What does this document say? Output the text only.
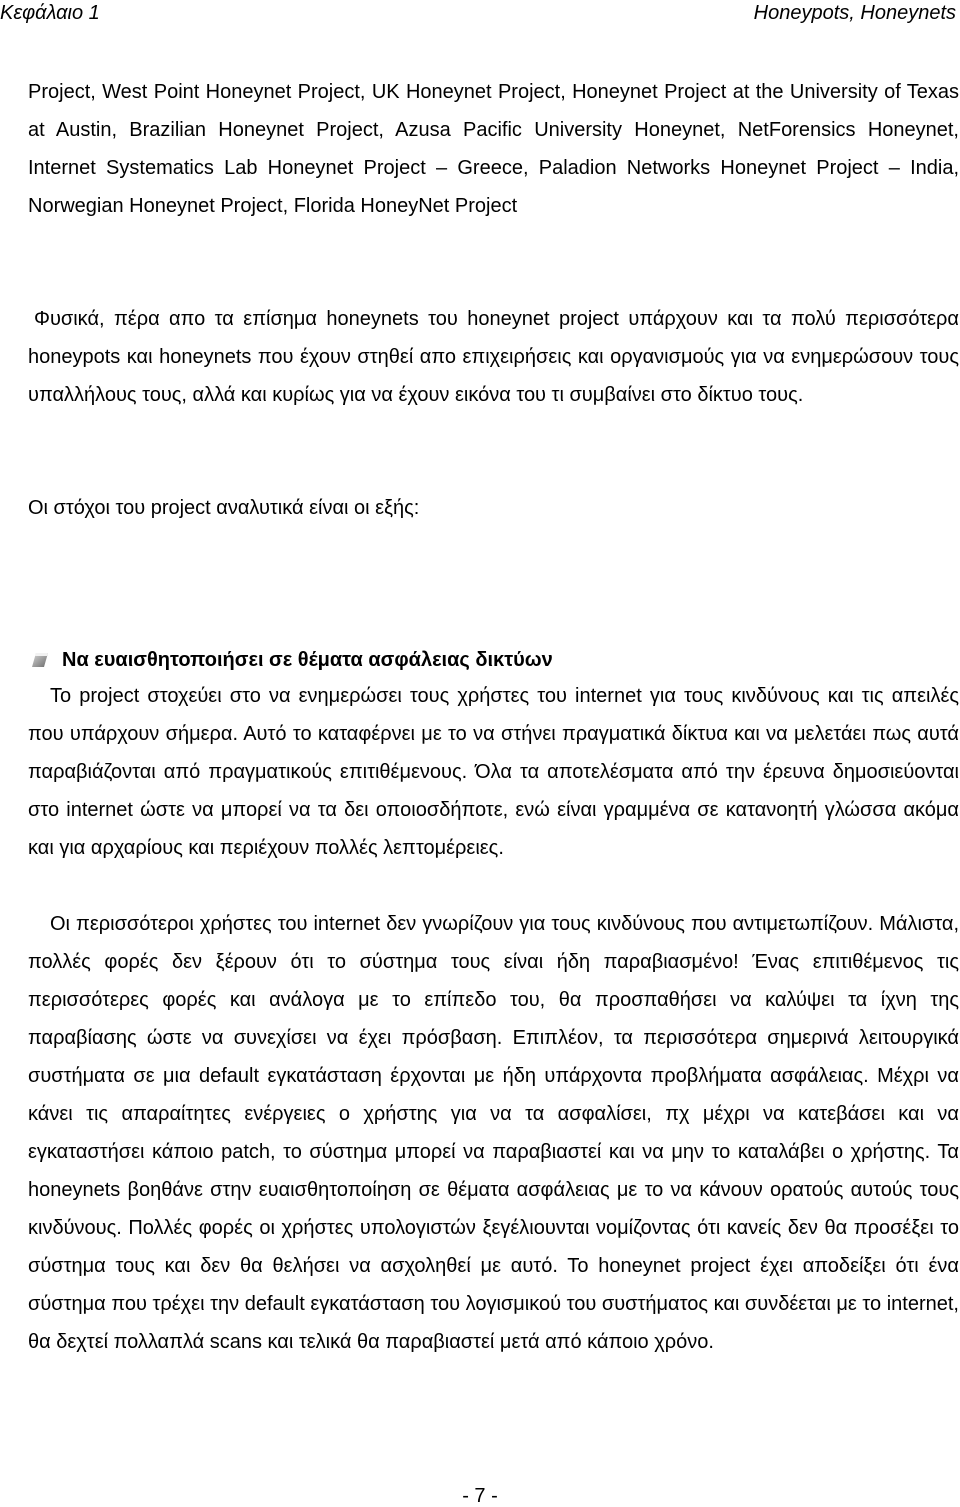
Κεφάλαιο 1	Honeypots, Honeynets

Project, West Point Honeynet Project, UK Honeynet Project, Honeynet Project at the University of Texas at Austin, Brazilian Honeynet Project, Azusa Pacific University Honeynet, NetForensics Honeynet, Internet Systematics Lab Honeynet Project – Greece, Paladion Networks Honeynet Project – India, Norwegian Honeynet Project, Florida HoneyNet Project

Φυσικά, πέρα απο τα επίσημα honeynets του honeynet project υπάρχουν και τα πολύ περισσότερα honeypots και honeynets που έχουν στηθεί απο επιχειρήσεις και οργανισμούς για να ενημερώσουν τους υπαλλήλους τους, αλλά και κυρίως για να έχουν εικόνα του τι συμβαίνει στο δίκτυο τους.

Οι στόχοι του project αναλυτικά είναι οι εξής:

Να ευαισθητοποιήσει σε θέματα ασφάλειας δικτύων

Το project στοχεύει στο να ενημερώσει τους χρήστες του internet για τους κινδύνους και τις απειλές που υπάρχουν σήμερα. Αυτό το καταφέρνει με το να στήνει πραγματικά δίκτυα και να μελετάει πως αυτά παραβιάζονται από πραγματικούς επιτιθέμενους. Όλα τα αποτελέσματα από την έρευνα δημοσιεύονται στο internet ώστε να μπορεί να τα δει οποιοσδήποτε, ενώ είναι γραμμένα σε κατανοητή γλώσσα ακόμα και για αρχαρίους και περιέχουν πολλές λεπτομέρειες.

Οι περισσότεροι χρήστες του internet δεν γνωρίζουν για τους κινδύνους που αντιμετωπίζουν. Μάλιστα, πολλές φορές δεν ξέρουν ότι το σύστημα τους είναι ήδη παραβιασμένο! Ένας επιτιθέμενος τις περισσότερες φορές και ανάλογα με το επίπεδο του, θα προσπαθήσει να καλύψει τα ίχνη της παραβίασης ώστε να συνεχίσει να έχει πρόσβαση. Επιπλέον, τα περισσότερα σημερινά λειτουργικά συστήματα σε μια default εγκατάσταση έρχονται με ήδη υπάρχοντα προβλήματα ασφάλειας. Μέχρι να κάνει τις απαραίτητες ενέργειες ο χρήστης για να τα ασφαλίσει, πχ μέχρι να κατεβάσει και να εγκαταστήσει κάποιο patch, το σύστημα μπορεί να παραβιαστεί και να μην το καταλάβει ο χρήστης. Τα honeynets βοηθάνε στην ευαισθητοποίηση σε θέματα ασφάλειας με το να κάνουν ορατούς αυτούς τους κινδύνους. Πολλές φορές οι χρήστες υπολογιστών ξεγέλιουνται νομίζοντας ότι κανείς δεν θα προσέξει το σύστημα τους και δεν θα θελήσει να ασχοληθεί με αυτό. Το honeynet project έχει αποδείξει ότι ένα σύστημα που τρέχει την default εγκατάσταση του λογισμικού του συστήματος και συνδέεται με το internet, θα δεχτεί πολλαπλά scans και τελικά θα παραβιαστεί μετά από κάποιο χρόνο.

- 7 -
